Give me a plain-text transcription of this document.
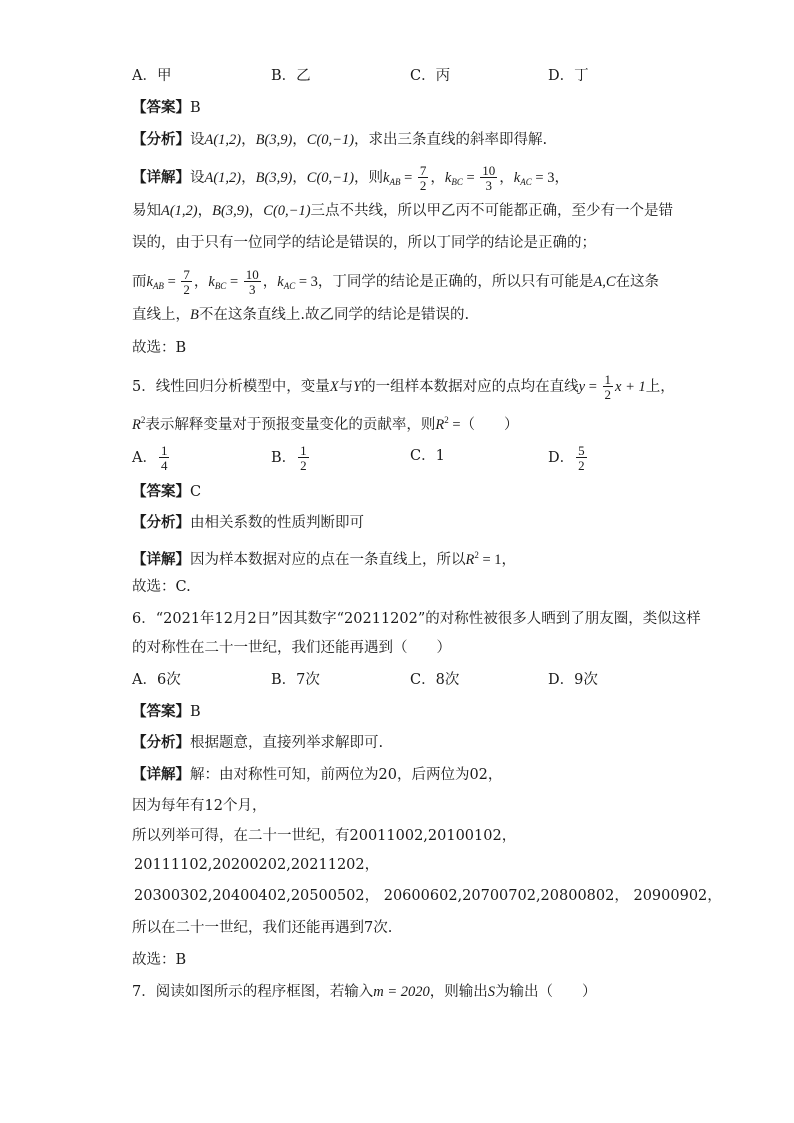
A．甲	B．乙	C．丙	D．丁
【答案】B
【分析】设A(1,2)，B(3,9)，C(0,−1)，求出三条直线的斜率即得解.
【详解】设A(1,2)，B(3,9)，C(0,−1)，则$k_{AB} = \frac{7}{2}$ ，$k_{BC} = \frac{10}{3}$ ，$k_{AC} = 3$，
易知A(1,2)，B(3,9)，C(0,−1)三点不共线，所以甲乙丙不可能都正确，至少有一个是错
误的，由于只有一位同学的结论是错误的，所以丁同学的结论是正确的；
而$k_{AB} = \frac{7}{2}$ ，$k_{BC} = \frac{10}{3}$ ，$k_{AC} = 3$，丁同学的结论是正确的，所以只有可能是A,C在这条
直线上，B不在这条直线上.故乙同学的结论是错误的.
故选：B
5．线性回归分析模型中，变量X与Y的一组样本数据对应的点均在直线$y = \frac{1}{2}$ x + 1上，
$R^2$表示解释变量对于预报变量变化的贡献率，则$R^2$ =（　　）
A． $\frac{1}{4}$	B． $\frac{1}{2}$	C．1	D． $\frac{5}{2}$
【答案】C
【分析】由相关系数的性质判断即可
【详解】因为样本数据对应的点在一条直线上，所以$R^2 = 1$，
故选：C.
6．“2021年12月2日”因其数字“20211202”的对称性被很多人晒到了朋友圈，类似这样
的对称性在二十一世纪，我们还能再遇到（　　）
A．6次	B．7次	C．8次	D．9次
【答案】B
【分析】根据题意，直接列举求解即可.
【详解】解：由对称性可知，前两位为20，后两位为02，
因为每年有12个月，
所以列举可得，在二十一世纪，有20011002,20100102，
20111102,20200202,20211202，
20300302,20400402,20500502， 20600602,20700702,20800802， 20900902，
所以在二十一世纪，我们还能再遇到7次.
故选：B
7．阅读如图所示的程序框图，若输入m = 2020，则输出S为输出（　　）
